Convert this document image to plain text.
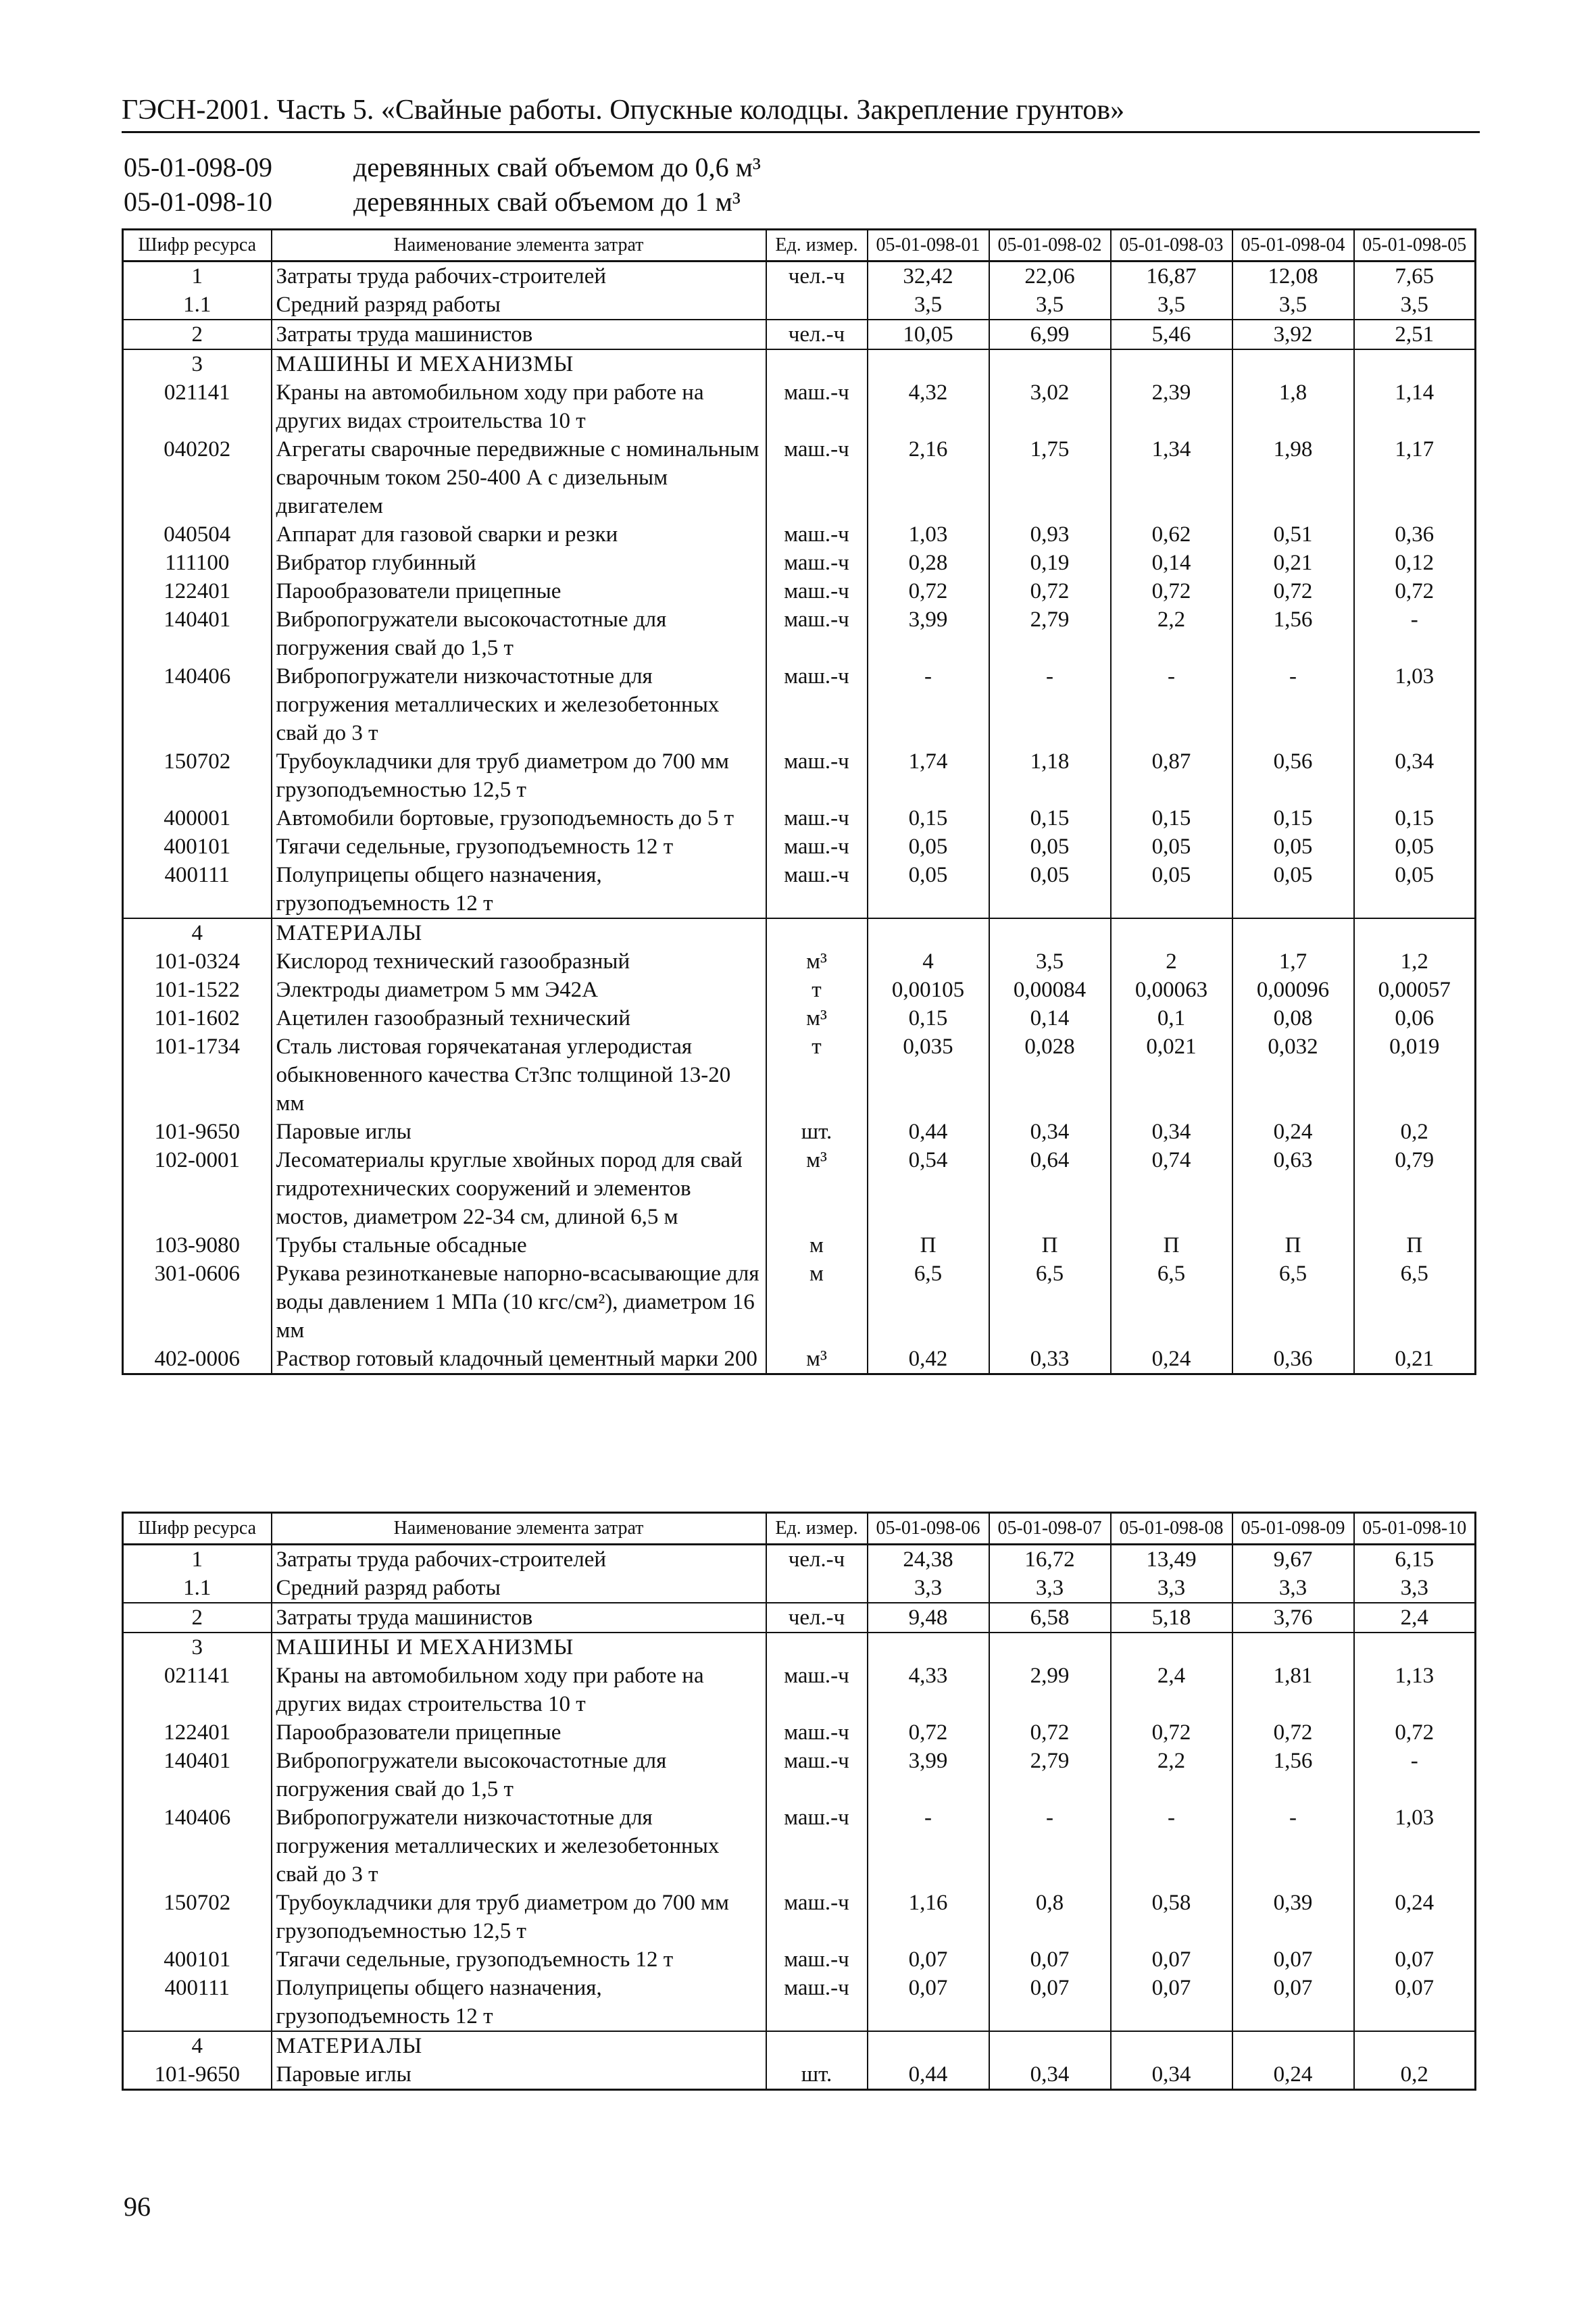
ГЭСН-2001. Часть 5. «Свайные работы. Опускные колодцы. Закрепление грунтов»
05-01-098-09	деревянных свай объемом до 0,6 м³
05-01-098-10	деревянных свай объемом до 1 м³
Шифр ресурса	Наименование элемента затрат	Ед. измер.	05-01-098-01	05-01-098-02	05-01-098-03	05-01-098-04	05-01-098-05
1	Затраты труда рабочих-строителей	чел.-ч	32,42	22,06	16,87	12,08	7,65
1.1	Средний разряд работы		3,5	3,5	3,5	3,5	3,5
2	Затраты труда машинистов	чел.-ч	10,05	6,99	5,46	3,92	2,51
3	МАШИНЫ И МЕХАНИЗМЫ						
021141	Краны на автомобильном ходу при работе на других видах строительства 10 т	маш.-ч	4,32	3,02	2,39	1,8	1,14
040202	Агрегаты сварочные передвижные с номинальным сварочным током 250-400 А с дизельным двигателем	маш.-ч	2,16	1,75	1,34	1,98	1,17
040504	Аппарат для газовой сварки и резки	маш.-ч	1,03	0,93	0,62	0,51	0,36
111100	Вибратор глубинный	маш.-ч	0,28	0,19	0,14	0,21	0,12
122401	Парообразователи прицепные	маш.-ч	0,72	0,72	0,72	0,72	0,72
140401	Вибропогружатели высокочастотные для погружения свай до 1,5 т	маш.-ч	3,99	2,79	2,2	1,56	-
140406	Вибропогружатели низкочастотные для погружения металлических и железобетонных свай до 3 т	маш.-ч	-	-	-	-	1,03
150702	Трубоукладчики для труб диаметром до 700 мм грузоподъемностью 12,5 т	маш.-ч	1,74	1,18	0,87	0,56	0,34
400001	Автомобили бортовые, грузоподъемность до 5 т	маш.-ч	0,15	0,15	0,15	0,15	0,15
400101	Тягачи седельные, грузоподъемность 12 т	маш.-ч	0,05	0,05	0,05	0,05	0,05
400111	Полуприцепы общего назначения, грузоподъемность 12 т	маш.-ч	0,05	0,05	0,05	0,05	0,05
4	МАТЕРИАЛЫ						
101-0324	Кислород технический газообразный	м³	4	3,5	2	1,7	1,2
101-1522	Электроды диаметром 5 мм Э42А	т	0,00105	0,00084	0,00063	0,00096	0,00057
101-1602	Ацетилен газообразный технический	м³	0,15	0,14	0,1	0,08	0,06
101-1734	Сталь листовая горячекатаная углеродистая обыкновенного качества Ст3пс толщиной 13-20 мм	т	0,035	0,028	0,021	0,032	0,019
101-9650	Паровые иглы	шт.	0,44	0,34	0,34	0,24	0,2
102-0001	Лесоматериалы круглые хвойных пород для свай гидротехнических сооружений и элементов мостов, диаметром 22-34 см, длиной 6,5 м	м³	0,54	0,64	0,74	0,63	0,79
103-9080	Трубы стальные обсадные	м	П	П	П	П	П
301-0606	Рукава резинотканевые напорно-всасывающие для воды давлением 1 МПа (10 кгс/см²), диаметром 16 мм	м	6,5	6,5	6,5	6,5	6,5
402-0006	Раствор готовый кладочный цементный марки 200	м³	0,42	0,33	0,24	0,36	0,21
Шифр ресурса	Наименование элемента затрат	Ед. измер.	05-01-098-06	05-01-098-07	05-01-098-08	05-01-098-09	05-01-098-10
1	Затраты труда рабочих-строителей	чел.-ч	24,38	16,72	13,49	9,67	6,15
1.1	Средний разряд работы		3,3	3,3	3,3	3,3	3,3
2	Затраты труда машинистов	чел.-ч	9,48	6,58	5,18	3,76	2,4
3	МАШИНЫ И МЕХАНИЗМЫ						
021141	Краны на автомобильном ходу при работе на других видах строительства 10 т	маш.-ч	4,33	2,99	2,4	1,81	1,13
122401	Парообразователи прицепные	маш.-ч	0,72	0,72	0,72	0,72	0,72
140401	Вибропогружатели высокочастотные для погружения свай до 1,5 т	маш.-ч	3,99	2,79	2,2	1,56	-
140406	Вибропогружатели низкочастотные для погружения металлических и железобетонных свай до 3 т	маш.-ч	-	-	-	-	1,03
150702	Трубоукладчики для труб диаметром до 700 мм грузоподъемностью 12,5 т	маш.-ч	1,16	0,8	0,58	0,39	0,24
400101	Тягачи седельные, грузоподъемность 12 т	маш.-ч	0,07	0,07	0,07	0,07	0,07
400111	Полуприцепы общего назначения, грузоподъемность 12 т	маш.-ч	0,07	0,07	0,07	0,07	0,07
4	МАТЕРИАЛЫ						
101-9650	Паровые иглы	шт.	0,44	0,34	0,34	0,24	0,2
96
